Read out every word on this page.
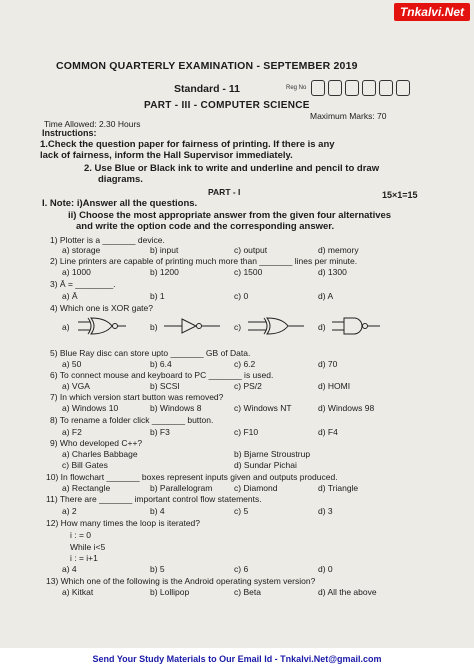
Tnkalvi.Net
COMMON QUARTERLY EXAMINATION - SEPTEMBER 2019
Standard - 11	Reg No
PART - III - COMPUTER SCIENCE
Maximum Marks: 70
Time Allowed: 2.30 Hours
Instructions:
1.Check the question paper for fairness of printing. If there is any
lack of fairness, inform the Hall Supervisor immediately.
2. Use Blue or Black ink to write and underline and pencil to draw
diagrams.
PART - I	15×1=15
I. Note: i)Answer all the questions.
ii) Choose the most appropriate answer from the given four alternatives
and write the option code and the corresponding answer.
1) Plotter is a _______ device.
a) storage	b) input	c) output	d) memory
2) Line printers are capable of printing much more than _______ lines per minute.
a) 1000	b) 1200	c) 1500	d) 1300
3) Ā = ________.
a) Ā	b) 1	c) 0	d) A
4) Which one is XOR gate?
a)	b)	c)	d)
5) Blue Ray disc can store upto _______ GB of Data.
a) 50	b) 6.4	c) 6.2	d) 70
6) To connect mouse and keyboard to PC _______ is used.
a) VGA	b) SCSI	c) PS/2	d) HOMI
7) In which version start button was removed?
a) Windows 10	b) Windows 8	c) Windows NT	d) Windows 98
8) To rename a folder click _______ button.
a) F2	b) F3	c) F10	d) F4
9) Who developed C++?
a) Charles Babbage	b) Bjarne Stroustrup
c) Bill Gates	d) Sundar Pichai
10) In flowchart _______ boxes represent inputs given and outputs produced.
a) Rectangle	b) Parallelogram	c) Diamond	d) Triangle
11) There are _______ important control flow statements.
a) 2	b) 4	c) 5	d) 3
12) How many times the loop is iterated?
i : = 0
While i<5
i : = i+1
a) 4	b) 5	c) 6	d) 0
13) Which one of the following is the Android operating system version?
a) Kitkat	b) Lollipop	c) Beta	d) All the above
Send Your Study Materials to Our Email Id - Tnkalvi.Net@gmail.com
